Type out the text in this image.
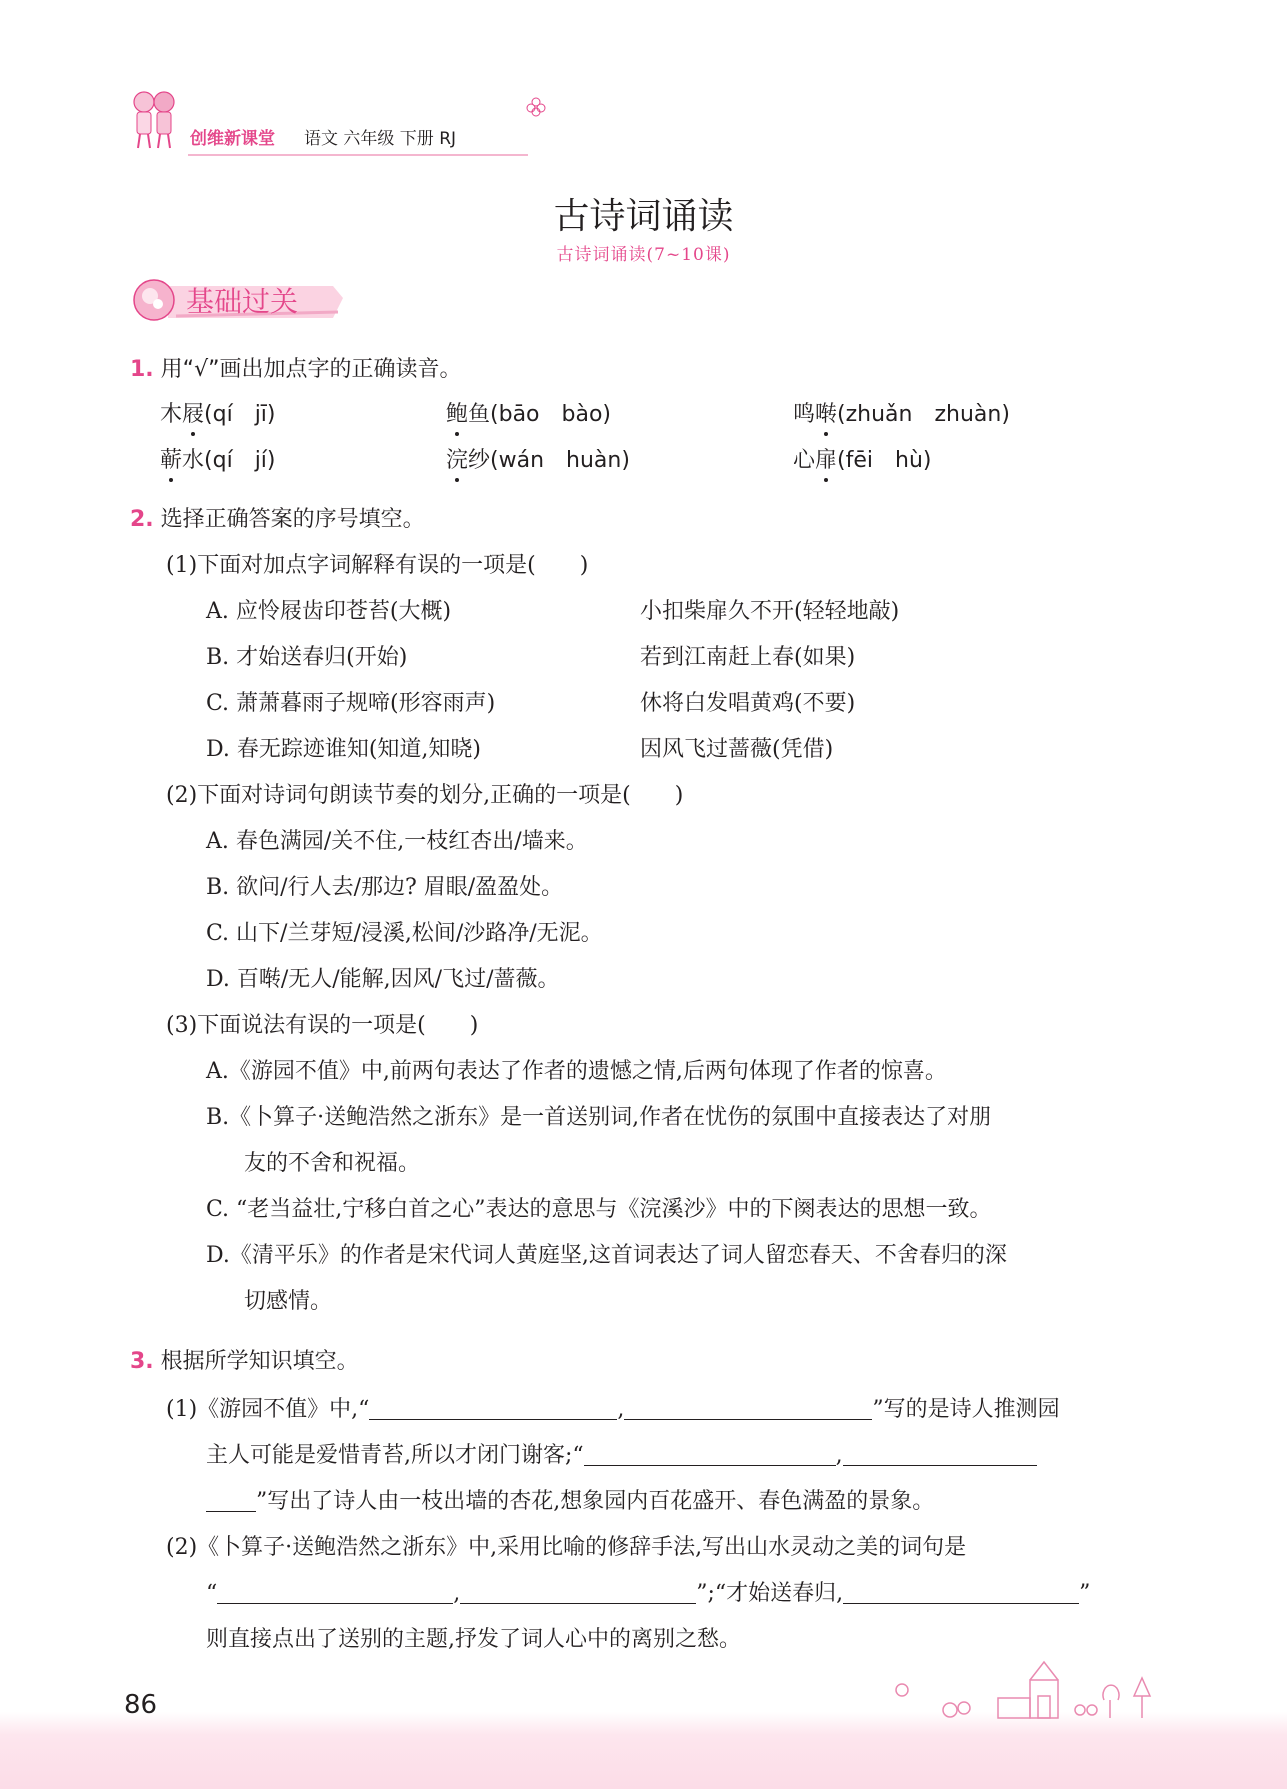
创维新课堂 语文 六年级 下册 RJ
古诗词诵读
古诗词诵读(7~10课)
基础过关
1. 用“√”画出加点字的正确读音。
木屐(qí　jī)	鲍鱼(bāo　bào)	鸣啭(zhuǎn　zhuàn)
蕲水(qí　jí)	浣纱(wán　huàn)	心扉(fēi　hù)
2. 选择正确答案的序号填空。
(1)下面对加点字词解释有误的一项是(　　)
A. 应怜屐齿印苍苔(大概)	小扣柴扉久不开(轻轻地敲)
B. 才始送春归(开始)	若到江南赶上春(如果)
C. 萧萧暮雨子规啼(形容雨声)	休将白发唱黄鸡(不要)
D. 春无踪迹谁知(知道,知晓)	因风飞过蔷薇(凭借)
(2)下面对诗词句朗读节奏的划分,正确的一项是(　　)
A. 春色满园/关不住,一枝红杏出/墙来。
B. 欲问/行人去/那边? 眉眼/盈盈处。
C. 山下/兰芽短/浸溪,松间/沙路净/无泥。
D. 百啭/无人/能解,因风/飞过/蔷薇。
(3)下面说法有误的一项是(　　)
A.《游园不值》中,前两句表达了作者的遗憾之情,后两句体现了作者的惊喜。
B.《卜算子·送鲍浩然之浙东》是一首送别词,作者在忧伤的氛围中直接表达了对朋
友的不舍和祝福。
C. “老当益壮,宁移白首之心”表达的意思与《浣溪沙》中的下阕表达的思想一致。
D.《清平乐》的作者是宋代词人黄庭坚,这首词表达了词人留恋春天、不舍春归的深
切感情。
3. 根据所学知识填空。
(1)《游园不值》中,“	,	”写的是诗人推测园
主人可能是爱惜青苔,所以才闭门谢客;“	,
”写出了诗人由一枝出墙的杏花,想象园内百花盛开、春色满盈的景象。
(2)《卜算子·送鲍浩然之浙东》中,采用比喻的修辞手法,写出山水灵动之美的词句是
“	,	”;“才始送春归,	”
则直接点出了送别的主题,抒发了词人心中的离别之愁。
86
